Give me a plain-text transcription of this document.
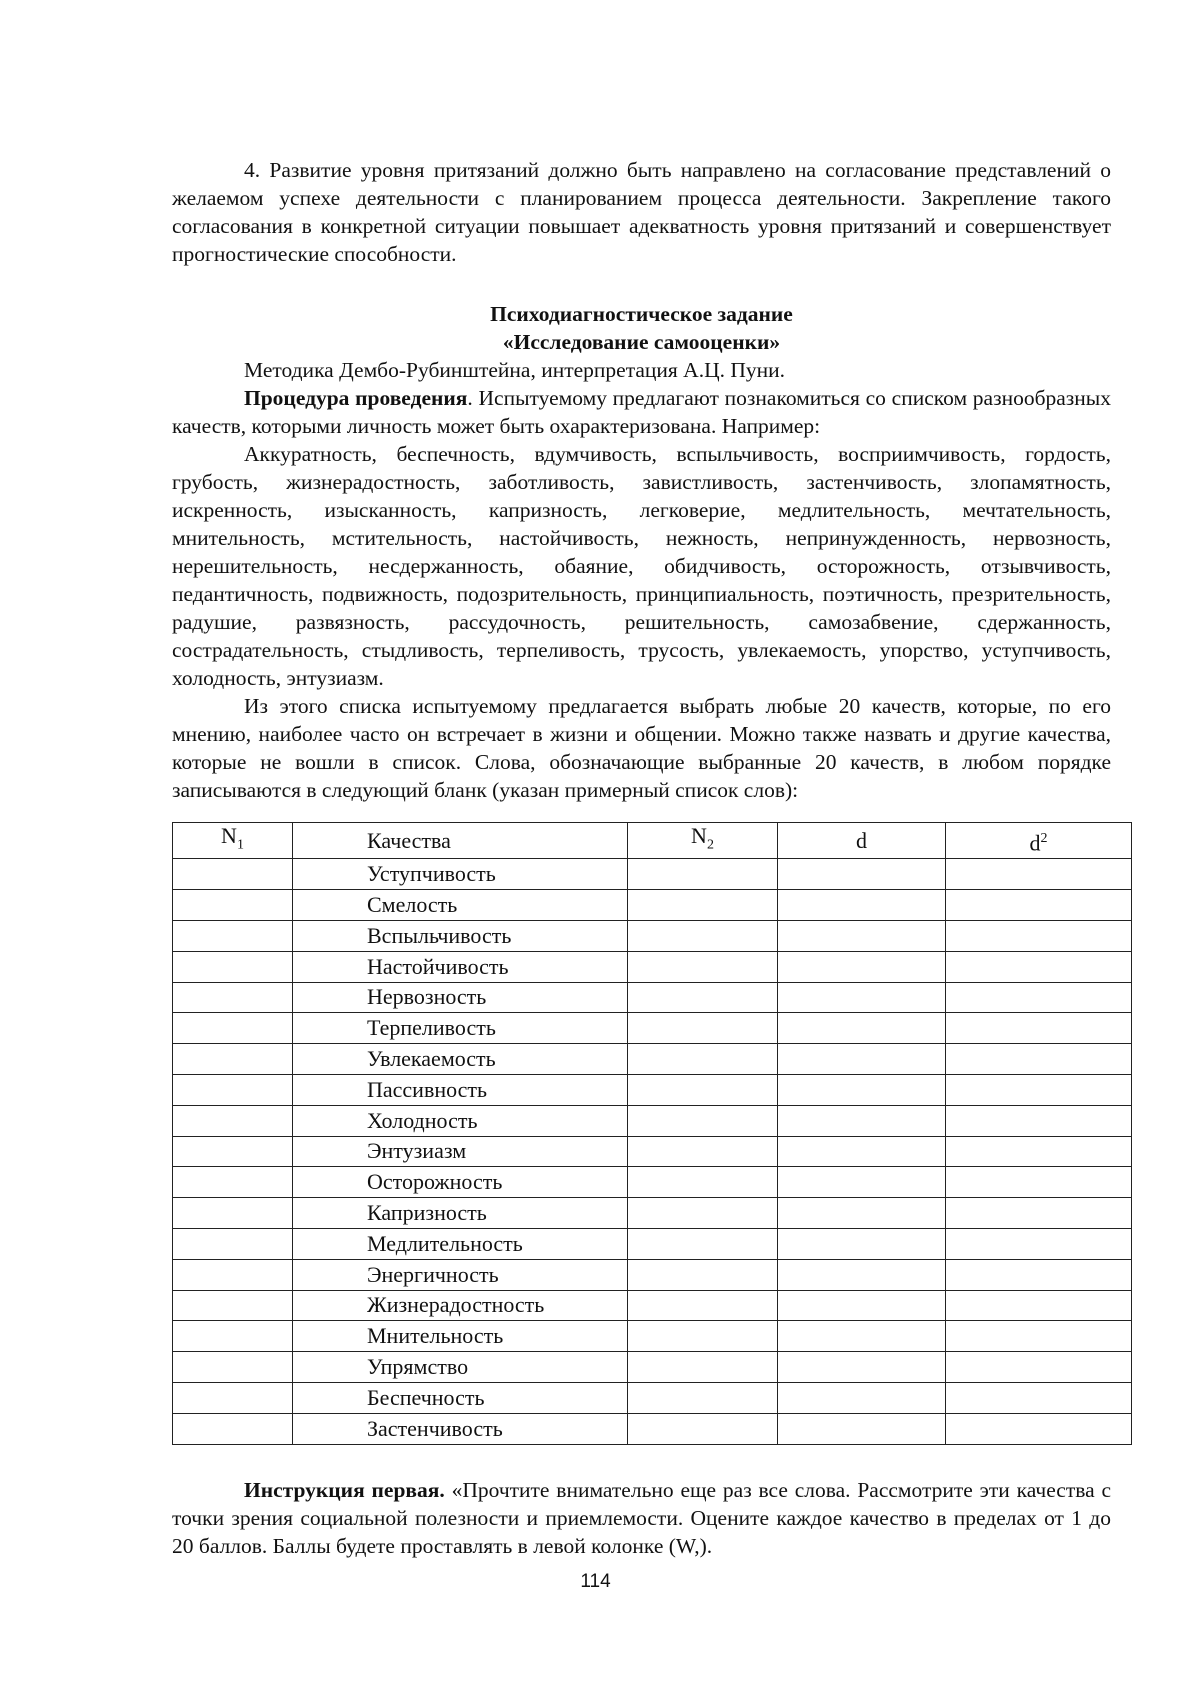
4. Развитие уровня притязаний должно быть направлено на согласование представлений о желаемом успехе деятельности с планированием процесса деятельности. Закрепление такого согласования в конкретной ситуации повышает адекватность уровня притязаний и совершенствует прогностические способности.

Психодиагностическое задание

«Исследование самооценки»

Методика Дембо-Рубинштейна, интерпретация А.Ц. Пуни.

Процедура проведения. Испытуемому предлагают познакомиться со списком разнообразных качеств, которыми личность может быть охарактеризована. Например:

Аккуратность, беспечность, вдумчивость, вспыльчивость, восприимчивость, гордость, грубость, жизнерадостность, заботливость, завистливость, застенчивость, злопамятность, искренность, изысканность, капризность, легковерие, медлительность, мечтательность, мнительность, мстительность, настойчивость, нежность, непринужденность, нервозность, нерешительность, несдержанность, обаяние, обидчивость, осторожность, отзывчивость, педантичность, подвижность, подозрительность, принципиальность, поэтичность, презрительность, радушие, развязность, рассудочность, решительность, самозабвение, сдержанность, сострадательность, стыдливость, терпеливость, трусость, увлекаемость, упорство, уступчивость, холодность, энтузиазм.

Из этого списка испытуемому предлагается выбрать любые 20 качеств, которые, по его мнению, наиболее часто он встречает в жизни и общении. Можно также назвать и другие качества, которые не вошли в список. Слова, обозначающие выбранные 20 качеств, в любом порядке записываются в следующий бланк (указан примерный список слов):

$N_1$	Качества	$N_2$	d	$d^2$
	Уступчивость			
	Смелость			
	Вспыльчивость			
	Настойчивость			
	Нервозность			
	Терпеливость			
	Увлекаемость			
	Пассивность			
	Холодность			
	Энтузиазм			
	Осторожность			
	Капризность			
	Медлительность			
	Энергичность			
	Жизнерадостность			
	Мнительность			
	Упрямство			
	Беспечность			
	Застенчивость			

Инструкция первая. «Прочтите внимательно еще раз все слова. Рассмотрите эти качества с точки зрения социальной полезности и приемлемости. Оцените каждое качество в пределах от 1 до 20 баллов. Баллы будете проставлять в левой колонке (W,).

114
